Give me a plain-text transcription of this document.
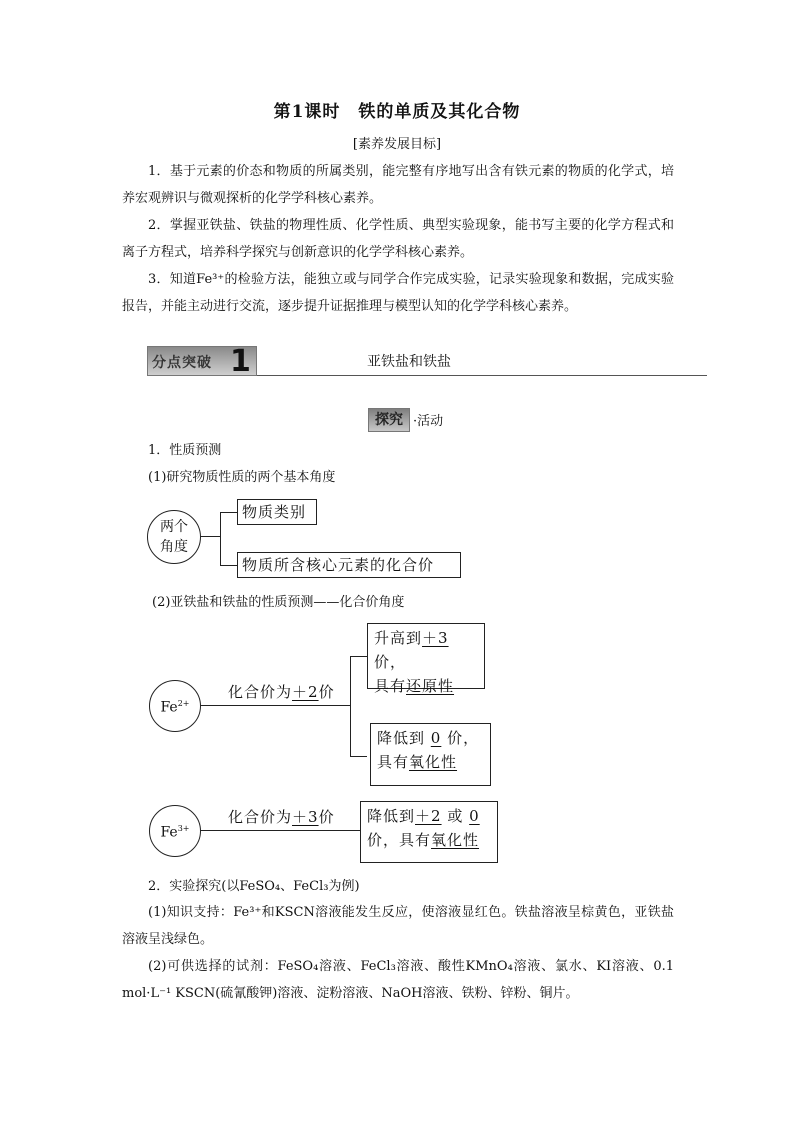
第1课时　铁的单质及其化合物
[素养发展目标]
1．基于元素的价态和物质的所属类别，能完整有序地写出含有铁元素的物质的化学式，培养宏观辨识与微观探析的化学学科核心素养。
2．掌握亚铁盐、铁盐的物理性质、化学性质、典型实验现象，能书写主要的化学方程式和离子方程式，培养科学探究与创新意识的化学学科核心素养。
3．知道Fe³⁺的检验方法，能独立或与同学合作完成实验，记录实验现象和数据，完成实验报告，并能主动进行交流，逐步提升证据推理与模型认知的化学学科核心素养。
分点突破 1	亚铁盐和铁盐
探究 ·活动
1．性质预测
(1)研究物质性质的两个基本角度
两个
角度
物质类别
物质所含核心元素的化合价
(2)亚铁盐和铁盐的性质预测——化合价角度
$Fe^{2+}$
化合价为＋2价
升高到＋3价，
具有还原性
降低到 0 价，
具有氧化性
$Fe^{3+}$
化合价为＋3价 降低到＋2 或 0
价，具有氧化性
2．实验探究(以FeSO₄、FeCl₃为例)
(1)知识支持：Fe³⁺和KSCN溶液能发生反应，使溶液显红色。铁盐溶液呈棕黄色，亚铁盐溶液呈浅绿色。
(2)可供选择的试剂：FeSO₄溶液、FeCl₃溶液、酸性KMnO₄溶液、氯水、KI溶液、0.1 mol·L⁻¹ KSCN(硫氰酸钾)溶液、淀粉溶液、NaOH溶液、铁粉、锌粉、铜片。
